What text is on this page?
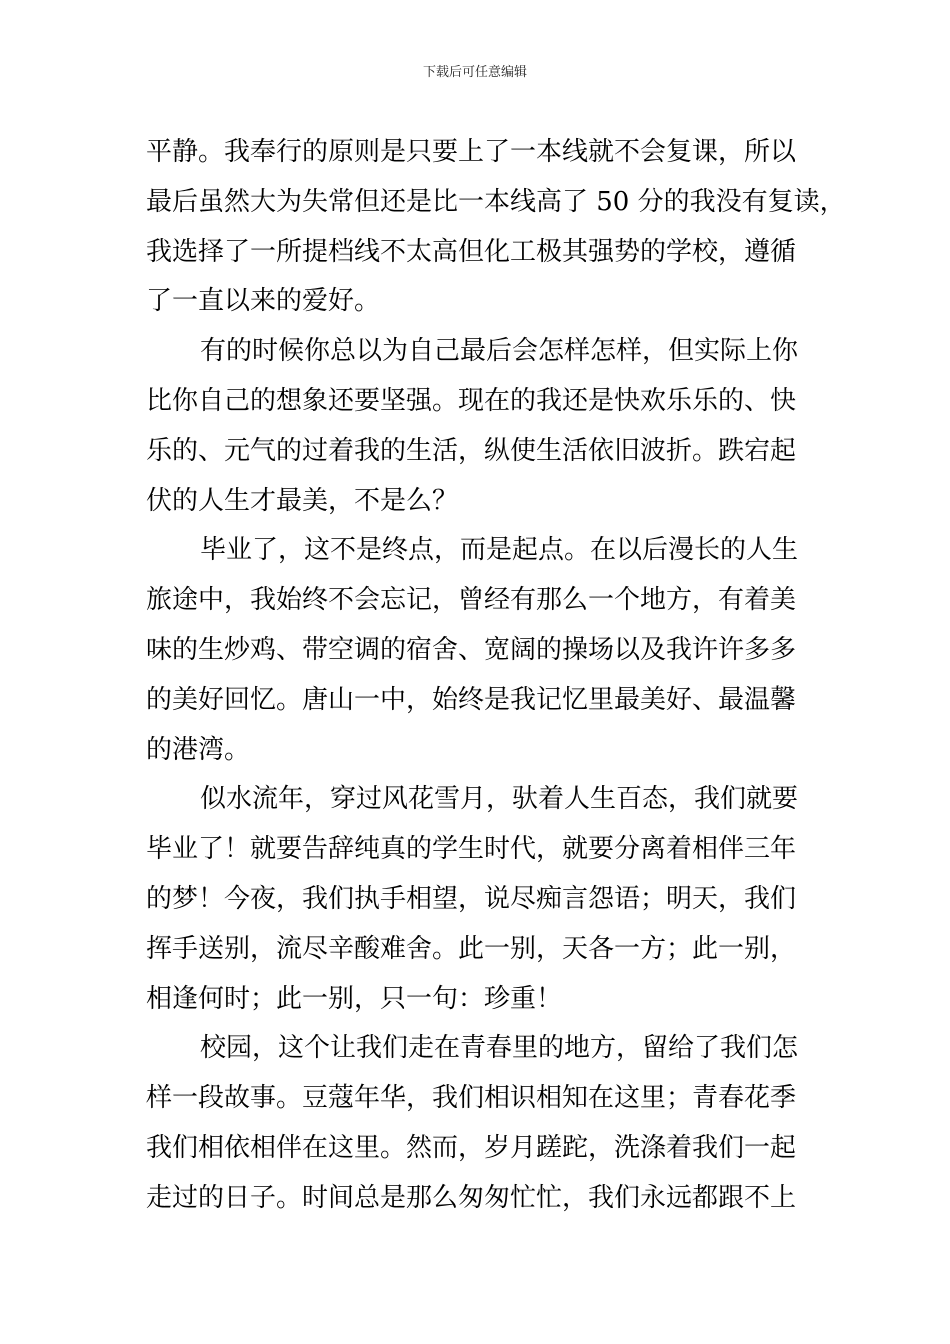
下载后可任意编辑
平静。我奉行的原则是只要上了一本线就不会复课，所以
最后虽然大为失常但还是比一本线高了 50 分的我没有复读，
我选择了一所提档线不太高但化工极其强势的学校，遵循
了一直以来的爱好。
有的时候你总以为自己最后会怎样怎样，但实际上你
比你自己的想象还要坚强。现在的我还是快欢乐乐的、快
乐的、元气的过着我的生活，纵使生活依旧波折。跌宕起
伏的人生才最美，不是么？
毕业了，这不是终点，而是起点。在以后漫长的人生
旅途中，我始终不会忘记，曾经有那么一个地方，有着美
味的生炒鸡、带空调的宿舍、宽阔的操场以及我许许多多
的美好回忆。唐山一中，始终是我记忆里最美好、最温馨
的港湾。
似水流年，穿过风花雪月，驮着人生百态，我们就要
毕业了！就要告辞纯真的学生时代，就要分离着相伴三年
的梦！今夜，我们执手相望，说尽痴言怨语；明天，我们
挥手送别，流尽辛酸难舍。此一别，天各一方；此一别，
相逢何时；此一别，只一句：珍重！
校园，这个让我们走在青春里的地方，留给了我们怎
样一段故事。豆蔻年华，我们相识相知在这里；青春花季
我们相依相伴在这里。然而，岁月蹉跎，洗涤着我们一起
走过的日子。时间总是那么匆匆忙忙，我们永远都跟不上
